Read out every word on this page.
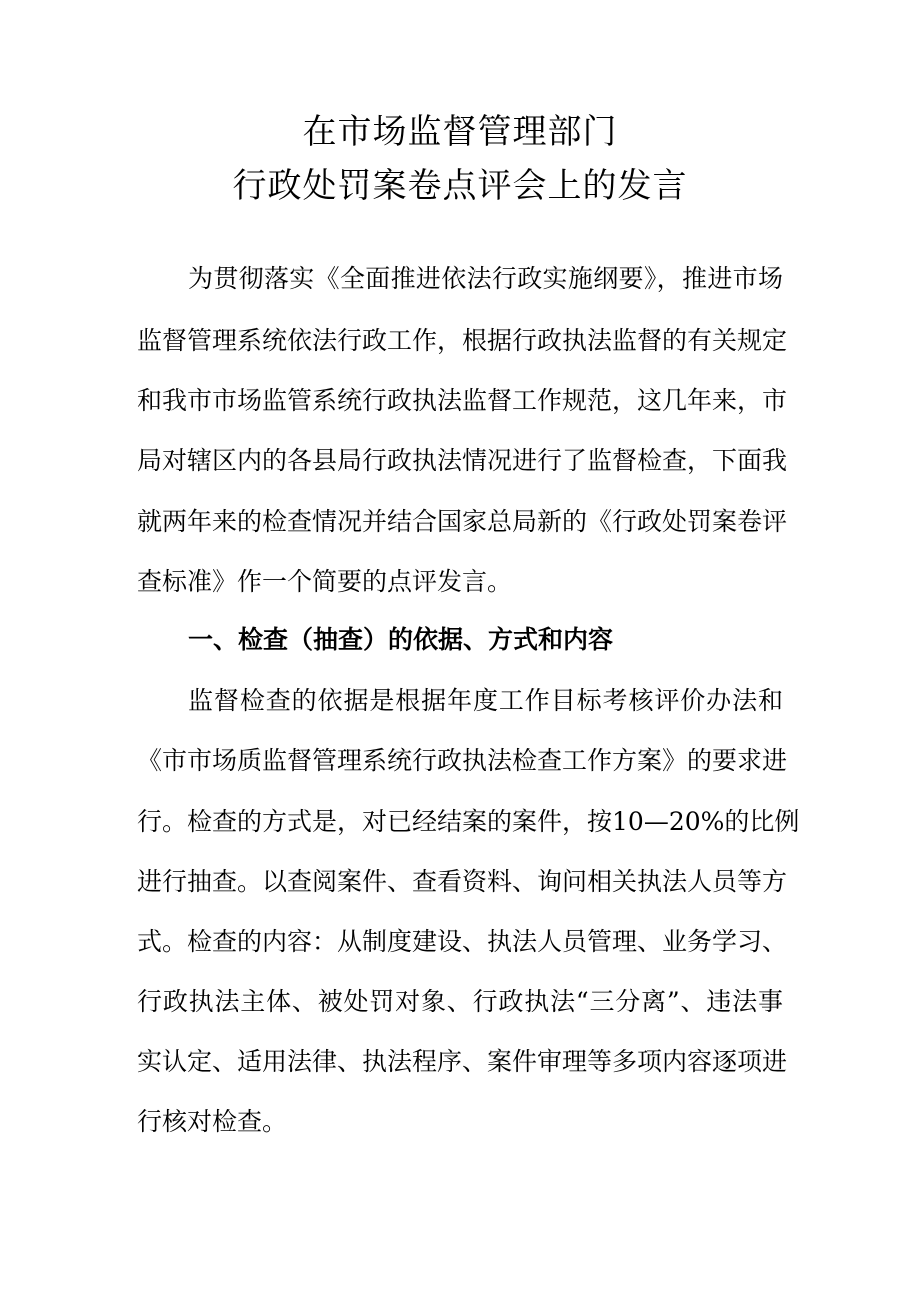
在市场监督管理部门
行政处罚案卷点评会上的发言

为贯彻落实《全面推进依法行政实施纲要》，推进市场

监督管理系统依法行政工作，根据行政执法监督的有关规定

和我市市场监管系统行政执法监督工作规范，这几年来，市

局对辖区内的各县局行政执法情况进行了监督检查，下面我

就两年来的检查情况并结合国家总局新的《行政处罚案卷评

查标准》作一个简要的点评发言。

一、检查（抽查）的依据、方式和内容

监督检查的依据是根据年度工作目标考核评价办法和

《市市场质监督管理系统行政执法检查工作方案》的要求进

行。检查的方式是，对已经结案的案件，按10—20%的比例

进行抽查。以查阅案件、查看资料、询问相关执法人员等方

式。检查的内容：从制度建设、执法人员管理、业务学习、

行政执法主体、被处罚对象、行政执法“三分离”、违法事

实认定、适用法律、执法程序、案件审理等多项内容逐项进

行核对检查。
